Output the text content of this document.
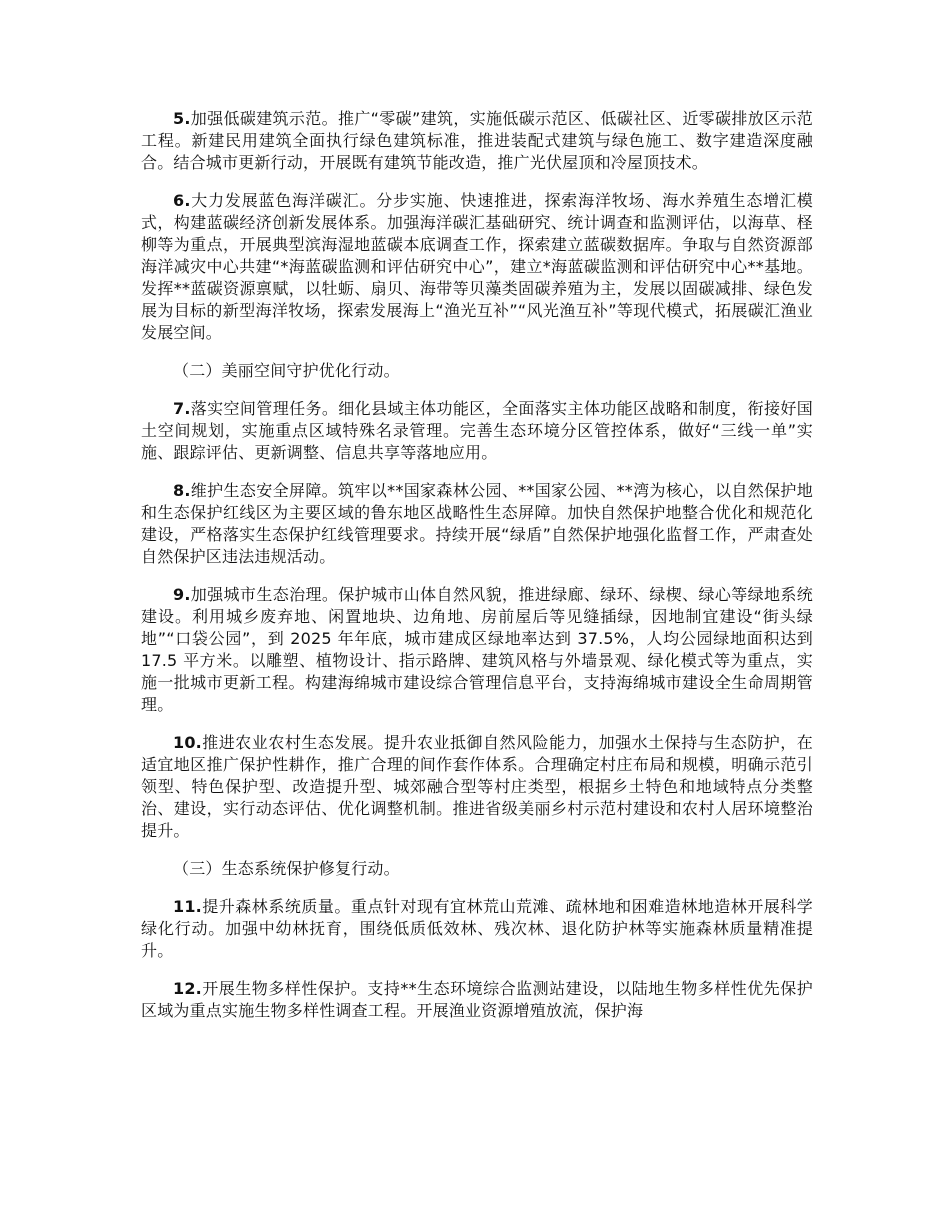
5.加强低碳建筑示范。推广“零碳”建筑，实施低碳示范区、低碳社区、近零碳排放区示范工程。新建民用建筑全面执行绿色建筑标准，推进装配式建筑与绿色施工、数字建造深度融合。结合城市更新行动，开展既有建筑节能改造，推广光伏屋顶和冷屋顶技术。

6.大力发展蓝色海洋碳汇。分步实施、快速推进，探索海洋牧场、海水养殖生态增汇模式，构建蓝碳经济创新发展体系。加强海洋碳汇基础研究、统计调查和监测评估，以海草、柽柳等为重点，开展典型滨海湿地蓝碳本底调查工作，探索建立蓝碳数据库。争取与自然资源部海洋减灾中心共建“*海蓝碳监测和评估研究中心”，建立*海蓝碳监测和评估研究中心**基地。发挥**蓝碳资源禀赋，以牡蛎、扇贝、海带等贝藻类固碳养殖为主，发展以固碳减排、绿色发展为目标的新型海洋牧场，探索发展海上“渔光互补”“风光渔互补”等现代模式，拓展碳汇渔业发展空间。

（二）美丽空间守护优化行动。

7.落实空间管理任务。细化县域主体功能区，全面落实主体功能区战略和制度，衔接好国土空间规划，实施重点区域特殊名录管理。完善生态环境分区管控体系，做好“三线一单”实施、跟踪评估、更新调整、信息共享等落地应用。

8.维护生态安全屏障。筑牢以**国家森林公园、**国家公园、**湾为核心，以自然保护地和生态保护红线区为主要区域的鲁东地区战略性生态屏障。加快自然保护地整合优化和规范化建设，严格落实生态保护红线管理要求。持续开展“绿盾”自然保护地强化监督工作，严肃查处自然保护区违法违规活动。

9.加强城市生态治理。保护城市山体自然风貌，推进绿廊、绿环、绿楔、绿心等绿地系统建设。利用城乡废弃地、闲置地块、边角地、房前屋后等见缝插绿，因地制宜建设“街头绿地”“口袋公园”，到 2025 年年底，城市建成区绿地率达到 37.5%，人均公园绿地面积达到 17.5 平方米。以雕塑、植物设计、指示路牌、建筑风格与外墙景观、绿化模式等为重点，实施一批城市更新工程。构建海绵城市建设综合管理信息平台，支持海绵城市建设全生命周期管理。

10.推进农业农村生态发展。提升农业抵御自然风险能力，加强水土保持与生态防护，在适宜地区推广保护性耕作，推广合理的间作套作体系。合理确定村庄布局和规模，明确示范引领型、特色保护型、改造提升型、城郊融合型等村庄类型，根据乡土特色和地域特点分类整治、建设，实行动态评估、优化调整机制。推进省级美丽乡村示范村建设和农村人居环境整治提升。

（三）生态系统保护修复行动。

11.提升森林系统质量。重点针对现有宜林荒山荒滩、疏林地和困难造林地造林开展科学绿化行动。加强中幼林抚育，围绕低质低效林、残次林、退化防护林等实施森林质量精准提升。

12.开展生物多样性保护。支持**生态环境综合监测站建设，以陆地生物多样性优先保护区域为重点实施生物多样性调查工程。开展渔业资源增殖放流，保护海
